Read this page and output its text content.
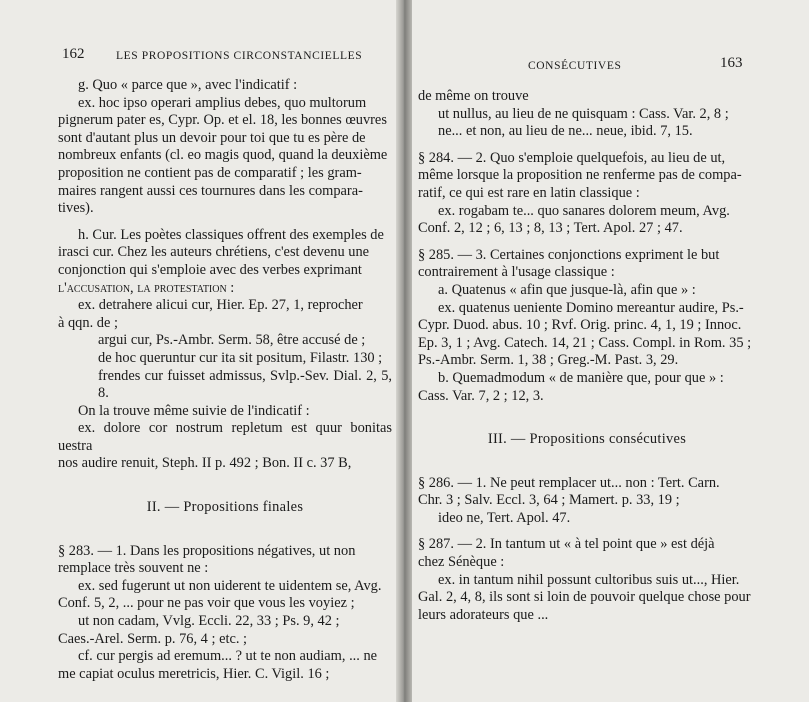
162	LES PROPOSITIONS CIRCONSTANCIELLES

g. Quo « parce que », avec l'indicatif :

ex. hoc ipso operari amplius debes, quo multorum

pignerum pater es, Cypr. Op. et el. 18, les bonnes œuvres

sont d'autant plus un devoir pour toi que tu es père de

nombreux enfants (cl. eo magis quod, quand la deuxième

proposition ne contient pas de comparatif ; les gram-

maires rangent aussi ces tournures dans les compara-

tives).

h. Cur. Les poètes classiques offrent des exemples de

irasci cur. Chez les auteurs chrétiens, c'est devenu une

conjonction qui s'emploie avec des verbes exprimant

l'accusation, la protestation :

ex. detrahere alicui cur, Hier. Ep. 27, 1, reprocher

à qqn. de ;

argui cur, Ps.-Ambr. Serm. 58, être accusé de ;

de hoc queruntur cur ita sit positum, Filastr. 130 ;

frendes cur fuisset admissus, Svlp.-Sev. Dial. 2, 5, 8.

On la trouve même suivie de l'indicatif :

ex. dolore cor nostrum repletum est quur bonitas uestra

nos audire renuit, Steph. II p. 492 ; Bon. II c. 37 B,

II. — Propositions finales

§ 283. — 1. Dans les propositions négatives, ut non

remplace très souvent ne :

ex. sed fugerunt ut non uiderent te uidentem se, Avg.

Conf. 5, 2, ... pour ne pas voir que vous les voyiez ;

ut non cadam, Vvlg. Eccli. 22, 33 ; Ps. 9, 42 ;

Caes.-Arel. Serm. p. 76, 4 ; etc. ;

cf. cur pergis ad eremum... ? ut te non audiam, ... ne

me capiat oculus meretricis, Hier. C. Vigil. 16 ;

CONSÉCUTIVES	163

de même on trouve

ut nullus, au lieu de ne quisquam : Cass. Var. 2, 8 ;

ne... et non, au lieu de ne... neue, ibid. 7, 15.

§ 284. — 2. Quo s'emploie quelquefois, au lieu de ut,

même lorsque la proposition ne renferme pas de compa-

ratif, ce qui est rare en latin classique :

ex. rogabam te... quo sanares dolorem meum, Avg.

Conf. 2, 12 ; 6, 13 ; 8, 13 ; Tert. Apol. 27 ; 47.

§ 285. — 3. Certaines conjonctions expriment le but

contrairement à l'usage classique :

a. Quatenus « afin que jusque-là, afin que » :

ex. quatenus ueniente Domino mereantur audire, Ps.-

Cypr. Duod. abus. 10 ; Rvf. Orig. princ. 4, 1, 19 ; Innoc.

Ep. 3, 1 ; Avg. Catech. 14, 21 ; Cass. Compl. in Rom. 35 ;

Ps.-Ambr. Serm. 1, 38 ; Greg.-M. Past. 3, 29.

b. Quemadmodum « de manière que, pour que » :

Cass. Var. 7, 2 ; 12, 3.

III. — Propositions consécutives

§ 286. — 1. Ne peut remplacer ut... non : Tert. Carn.

Chr. 3 ; Salv. Eccl. 3, 64 ; Mamert. p. 33, 19 ;

ideo ne, Tert. Apol. 47.

§ 287. — 2. In tantum ut « à tel point que » est déjà

chez Sénèque :

ex. in tantum nihil possunt cultoribus suis ut..., Hier.

Gal. 2, 4, 8, ils sont si loin de pouvoir quelque chose pour

leurs adorateurs que ...
